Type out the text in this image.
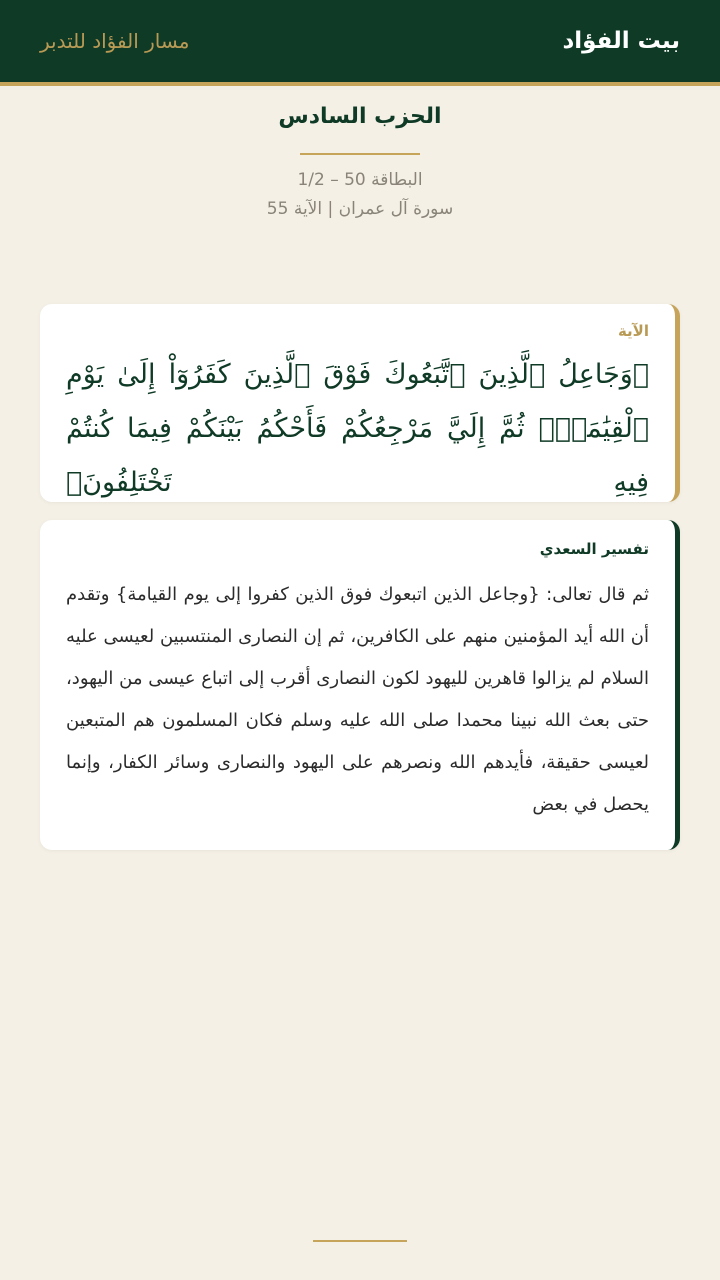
بيت الفؤاد
مسار الفؤاد للتدبر
الحزب السادس
البطاقة 50 – 1/2
سورة آل عمران | الآية 55
الآية
﴿وَجَاعِلُ ٱلَّذِينَ ٱتَّبَعُوكَ فَوْقَ ٱلَّذِينَ كَفَرُوٓاْ إِلَىٰ يَوْمِ ٱلْقِيَٰمَةِۖ ثُمَّ إِلَيَّ مَرْجِعُكُمْ فَأَحْكُمُ بَيْنَكُمْ فِيمَا كُنتُمْ فِيهِ تَخْتَلِفُونَ﴾
تفسير السعدي
ثم قال تعالى: {وجاعل الذين اتبعوك فوق الذين كفروا إلى يوم القيامة} وتقدم أن الله أيد المؤمنين منهم على الكافرين، ثم إن النصارى المنتسبين لعيسى عليه السلام لم يزالوا قاهرين لليهود لكون النصارى أقرب إلى اتباع عيسى من اليهود، حتى بعث الله نبينا محمدا صلى الله عليه وسلم فكان المسلمون هم المتبعين لعيسى حقيقة، فأيدهم الله ونصرهم على اليهود والنصارى وسائر الكفار، وإنما يحصل في بعض
